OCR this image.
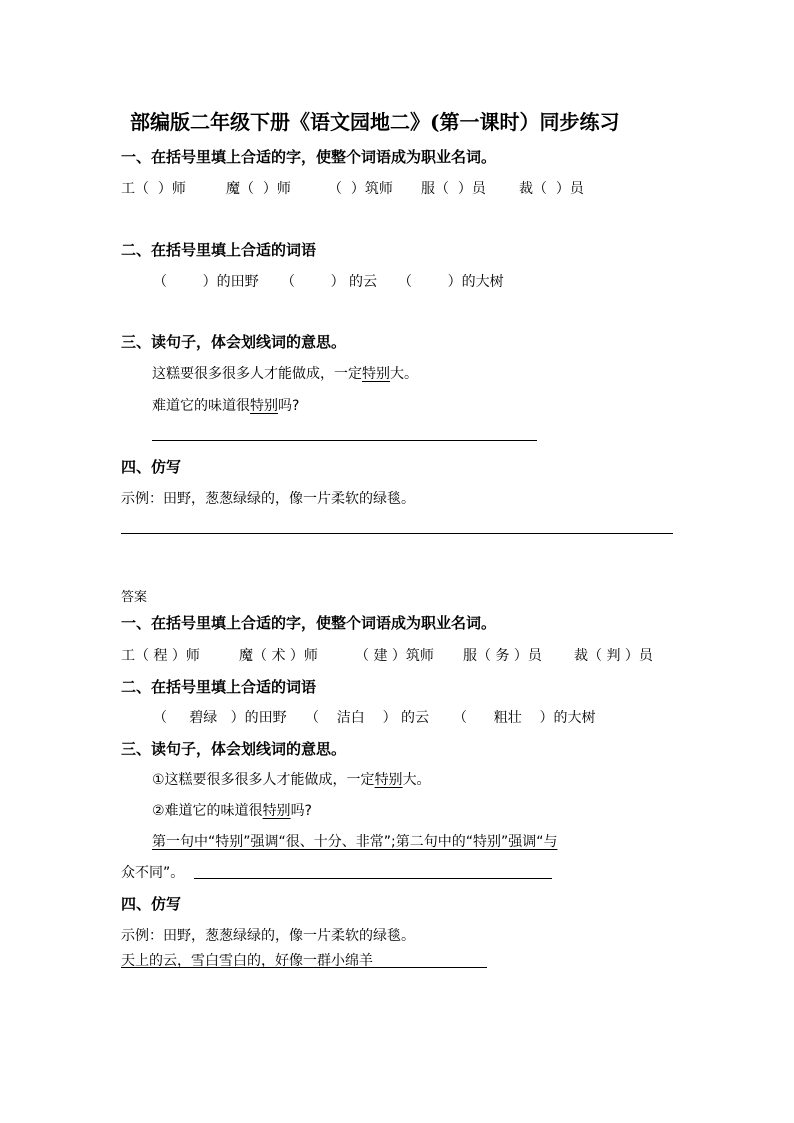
部编版二年级下册《语文园地二》(第一课时）同步练习
一、在括号里填上合适的字，使整个词语成为职业名词。
工（  ）师	魔（  ）师	（  ）筑师 服（  ）员 裁（  ）员
二、在括号里填上合适的词语
（        ）的田野 （        ） 的云 （        ）的大树
三、读句子，体会划线词的意思。
这糕要很多很多人才能做成，一定特别大。
难道它的味道很特别吗?
四、仿写
示例：田野，葱葱绿绿的，像一片柔软的绿毯。
答案
一、在括号里填上合适的字，使整个词语成为职业名词。
工（ 程 ）师	魔（ 术 ）师	（ 建 ）筑师 服（ 务 ）员 裁（ 判 ）员
二、在括号里填上合适的词语
（     碧绿   ）的田野 （    洁白    ） 的云 （      粗壮    ）的大树
三、读句子，体会划线词的意思。
①这糕要很多很多人才能做成，一定特别大。
②难道它的味道很特别吗?
第一句中“特别”强调“很、十分、非常”;第二句中的“特别”强调“与
众不同”。
四、仿写
示例：田野，葱葱绿绿的，像一片柔软的绿毯。
天上的云，雪白雪白的，好像一群小绵羊
